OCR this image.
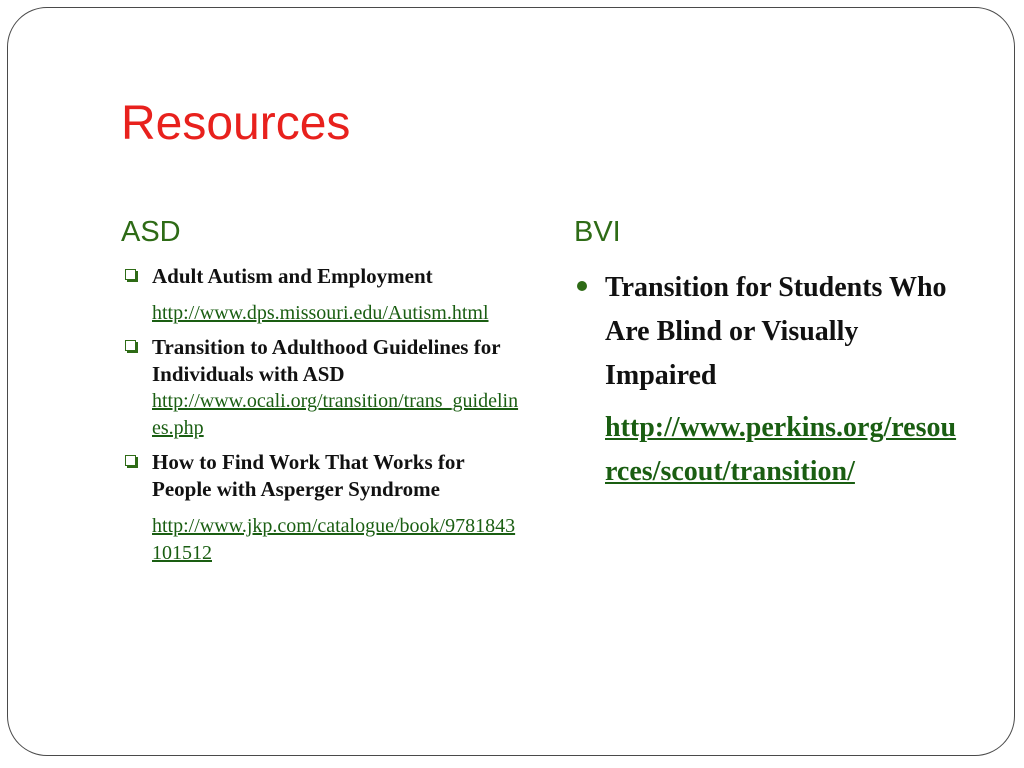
Resources
ASD	BVI
Adult Autism and Employment
http://www.dps.missouri.edu/Autism.html
Transition to Adulthood Guidelines for Individuals with ASD
http://www.ocali.org/transition/trans_guidelines.php
How to Find Work That Works for People with Asperger Syndrome
http://www.jkp.com/catalogue/book/9781843101512
Transition for Students Who Are Blind or Visually Impaired
http://www.perkins.org/resources/scout/transition/
